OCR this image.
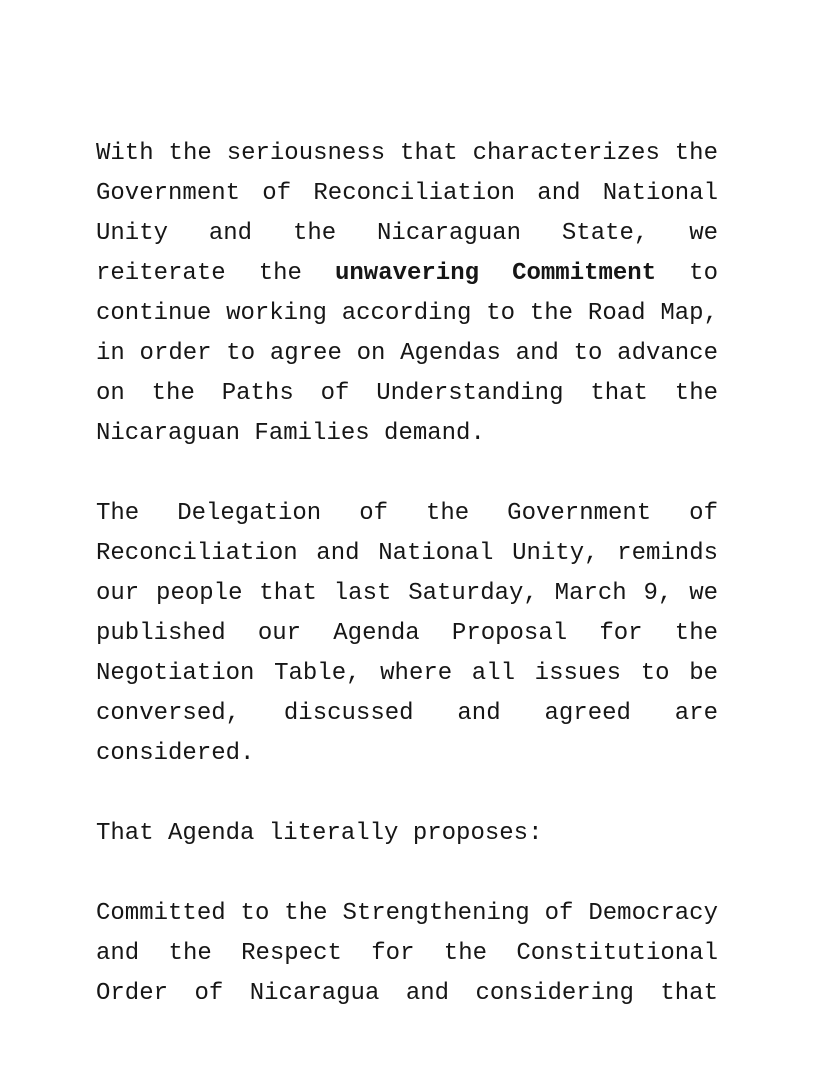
With the seriousness that characterizes the Government of Reconciliation and National Unity and the Nicaraguan State, we reiterate the unwavering Commitment to continue working according to the Road Map, in order to agree on Agendas and to advance on the Paths of Understanding that the Nicaraguan Families demand.

The Delegation of the Government of Reconciliation and National Unity, reminds our people that last Saturday, March 9, we published our Agenda Proposal for the Negotiation Table, where all issues to be conversed, discussed and agreed are considered.

That Agenda literally proposes:

Committed to the Strengthening of Democracy and the Respect for the Constitutional Order of Nicaragua and considering that
